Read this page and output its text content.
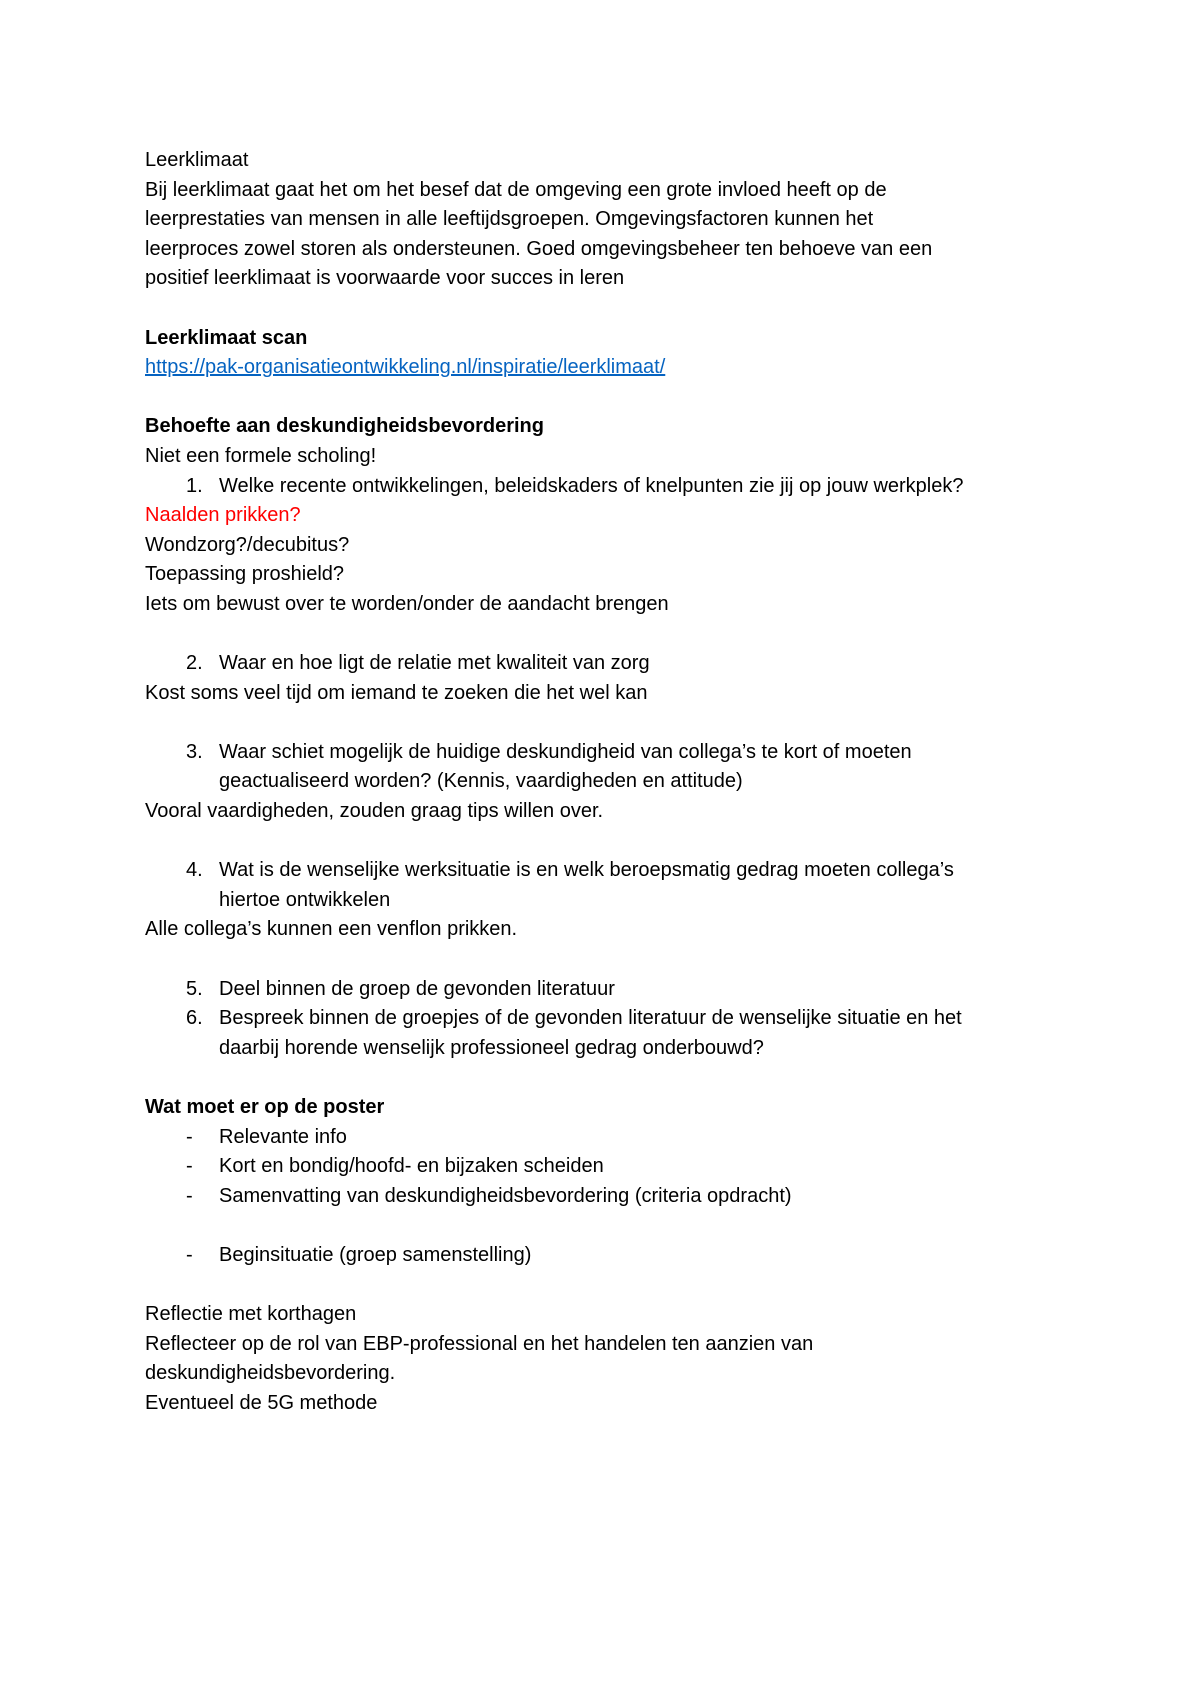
Leerklimaat
Bij leerklimaat gaat het om het besef dat de omgeving een grote invloed heeft op de
leerprestaties van mensen in alle leeftijdsgroepen. Omgevingsfactoren kunnen het
leerproces zowel storen als ondersteunen. Goed omgevingsbeheer ten behoeve van een
positief leerklimaat is voorwaarde voor succes in leren
Leerklimaat scan
https://pak-organisatieontwikkeling.nl/inspiratie/leerklimaat/
Behoefte aan deskundigheidsbevordering
Niet een formele scholing!
1. Welke recente ontwikkelingen, beleidskaders of knelpunten zie jij op jouw werkplek?
Naalden prikken?
Wondzorg?/decubitus?
Toepassing proshield?
Iets om bewust over te worden/onder de aandacht brengen
2. Waar en hoe ligt de relatie met kwaliteit van zorg
Kost soms veel tijd om iemand te zoeken die het wel kan
3. Waar schiet mogelijk de huidige deskundigheid van collega’s te kort of moeten
geactualiseerd worden? (Kennis, vaardigheden en attitude)
Vooral vaardigheden, zouden graag tips willen over.
4. Wat is de wenselijke werksituatie is en welk beroepsmatig gedrag moeten collega’s
hiertoe ontwikkelen
Alle collega’s kunnen een venflon prikken.
5. Deel binnen de groep de gevonden literatuur
6. Bespreek binnen de groepjes of de gevonden literatuur de wenselijke situatie en het
daarbij horende wenselijk professioneel gedrag onderbouwd?
Wat moet er op de poster
-	Relevante info
-	Kort en bondig/hoofd- en bijzaken scheiden
-	Samenvatting van deskundigheidsbevordering (criteria opdracht)
-	Beginsituatie (groep samenstelling)
Reflectie met korthagen
Reflecteer op de rol van EBP-professional en het handelen ten aanzien van
deskundigheidsbevordering.
Eventueel de 5G methode
